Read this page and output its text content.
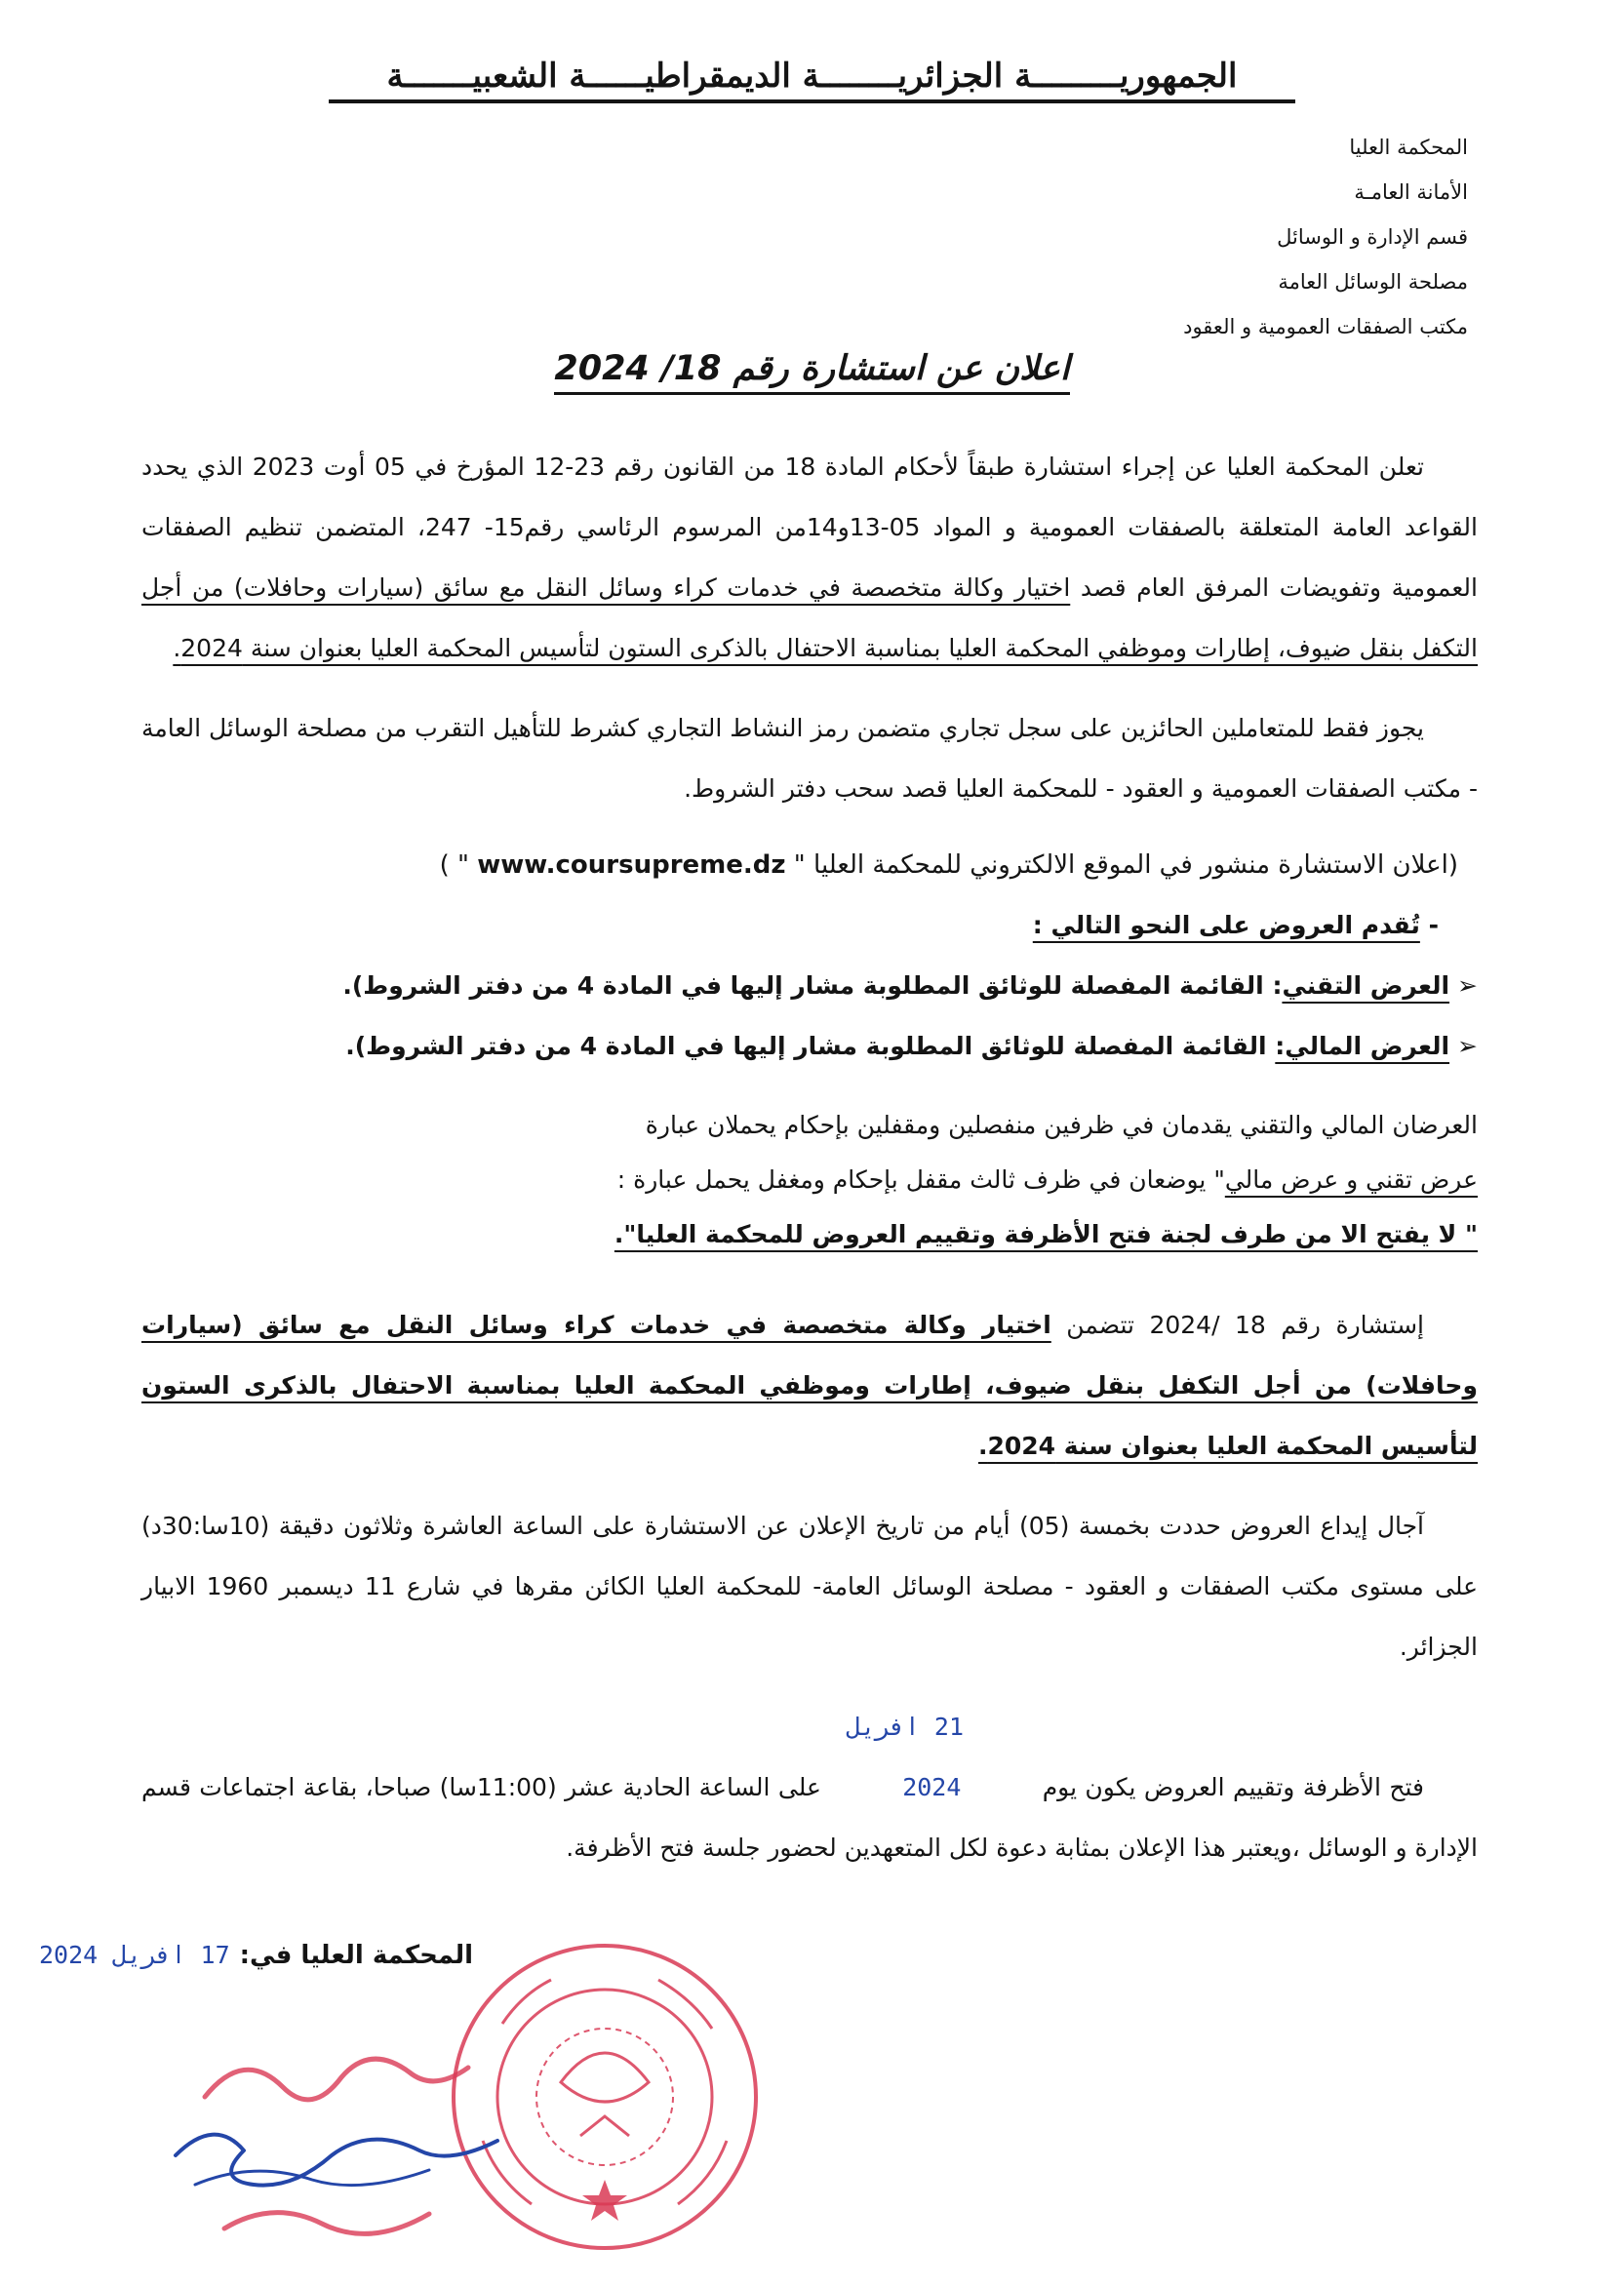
الجمهوريـــــــــة الجزائريــــــــة الديمقراطيــــــة الشعبيـــــــة
المحكمة العليا
الأمانة العامـة
قسم الإدارة و الوسائل
مصلحة الوسائل العامة
مكتب الصفقات العمومية و العقود
اعلان عن استشارة رقم 18/ 2024

تعلن المحكمة العليا عن إجراء استشارة طبقاً لأحكام المادة 18 من القانون رقم 23-12 المؤرخ في 05 أوت 2023 الذي يحدد القواعد العامة المتعلقة بالصفقات العمومية و المواد 05-13و14من المرسوم الرئاسي رقم15- 247، المتضمن تنظيم الصفقات العمومية وتفويضات المرفق العام قصد اختيار وكالة متخصصة في خدمات كراء وسائل النقل مع سائق (سيارات وحافلات) من أجل التكفل بنقل ضيوف، إطارات وموظفي المحكمة العليا بمناسبة الاحتفال بالذكرى الستون لتأسيس المحكمة العليا بعنوان سنة 2024.

يجوز فقط للمتعاملين الحائزين على سجل تجاري متضمن رمز النشاط التجاري كشرط للتأهيل التقرب من مصلحة الوسائل العامة - مكتب الصفقات العمومية و العقود - للمحكمة العليا قصد سحب دفتر الشروط.

(اعلان الاستشارة منشور في الموقع الالكتروني للمحكمة العليا " www.coursupreme.dz " )

- تُقدم العروض على النحو التالي :

➢العرض التقني: القائمة المفصلة للوثائق المطلوبة مشار إليها في المادة 4 من دفتر الشروط).

➢العرض المالي: القائمة المفصلة للوثائق المطلوبة مشار إليها في المادة 4 من دفتر الشروط).

العرضان المالي والتقني يقدمان في ظرفين منفصلين ومقفلين بإحكام يحملان عبارة
عرض تقني و عرض مالي" يوضعان في ظرف ثالث مقفل بإحكام ومغفل يحمل عبارة :
" لا يفتح الا من طرف لجنة فتح الأظرفة وتقييم العروض للمحكمة العليا".

إستشارة رقم 18 /2024 تتضمن اختيار وكالة متخصصة في خدمات كراء وسائل النقل مع سائق (سيارات وحافلات) من أجل التكفل بنقل ضيوف، إطارات وموظفي المحكمة العليا بمناسبة الاحتفال بالذكرى الستون لتأسيس المحكمة العليا بعنوان سنة 2024.

آجال إيداع العروض حددت بخمسة (05) أيام من تاريخ الإعلان عن الاستشارة على الساعة العاشرة وثلاثون دقيقة (10سا:30د) على مستوى مكتب الصفقات و العقود - مصلحة الوسائل العامة- للمحكمة العليا الكائن مقرها في شارع 11 ديسمبر 1960 الابيار الجزائر.

فتح الأظرفة وتقييم العروض يكون يوم 21 افريل 2024 على الساعة الحادية عشر (11:00سا) صباحا، بقاعة اجتماعات قسم الإدارة و الوسائل ،ويعتبر هذا الإعلان بمثابة دعوة لكل المتعهدين لحضور جلسة فتح الأظرفة.

المحكمة العليا في:17 افريل 2024
